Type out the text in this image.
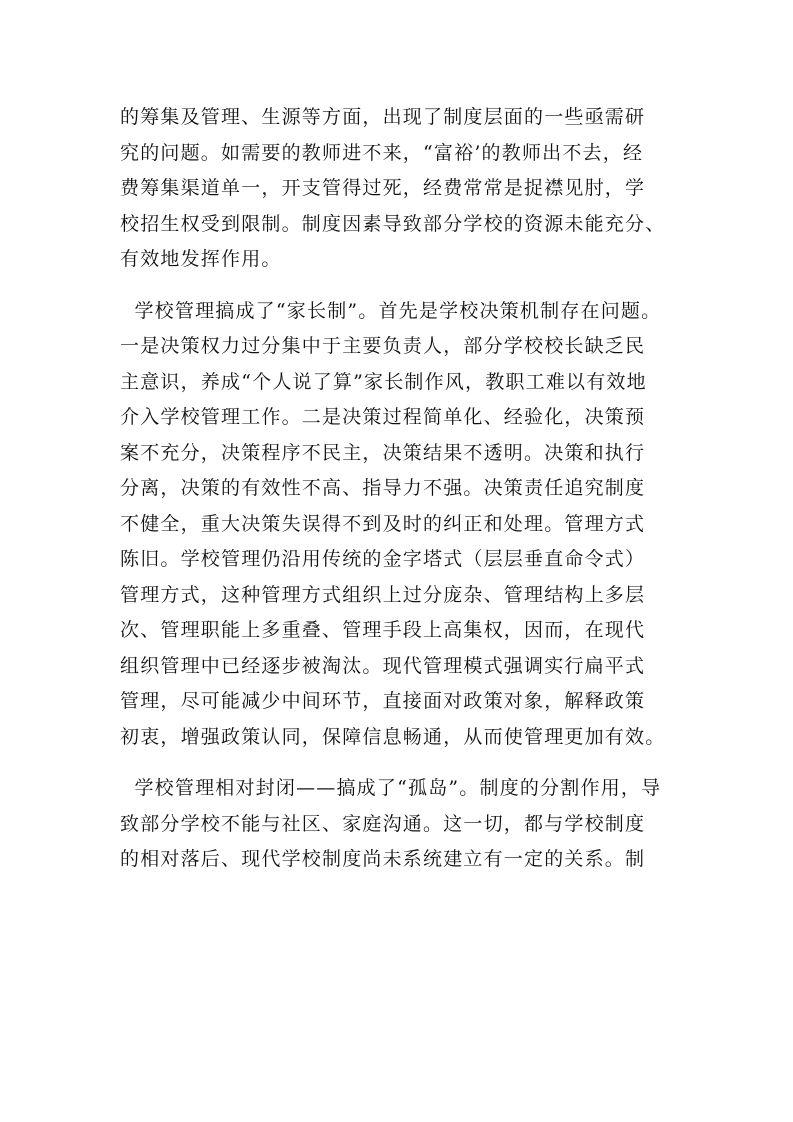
的筹集及管理、生源等方面，出现了制度层面的一些亟需研
究的问题。如需要的教师进不来，“富裕’的教师出不去，经
费筹集渠道单一，开支管得过死，经费常常是捉襟见肘，学
校招生权受到限制。制度因素导致部分学校的资源未能充分、
有效地发挥作用。

学校管理搞成了“家长制”。首先是学校决策机制存在问题。
一是决策权力过分集中于主要负责人，部分学校校长缺乏民
主意识，养成“个人说了算”家长制作风，教职工难以有效地
介入学校管理工作。二是决策过程简单化、经验化，决策预
案不充分，决策程序不民主，决策结果不透明。决策和执行
分离，决策的有效性不高、指导力不强。决策责任追究制度
不健全，重大决策失误得不到及时的纠正和处理。管理方式
陈旧。学校管理仍沿用传统的金字塔式（层层垂直命令式）
管理方式，这种管理方式组织上过分庞杂、管理结构上多层
次、管理职能上多重叠、管理手段上高集权，因而，在现代
组织管理中已经逐步被淘汰。现代管理模式强调实行扁平式
管理，尽可能减少中间环节，直接面对政策对象，解释政策
初衷，增强政策认同，保障信息畅通，从而使管理更加有效。

学校管理相对封闭——搞成了“孤岛”。制度的分割作用，导
致部分学校不能与社区、家庭沟通。这一切，都与学校制度
的相对落后、现代学校制度尚未系统建立有一定的关系。制
